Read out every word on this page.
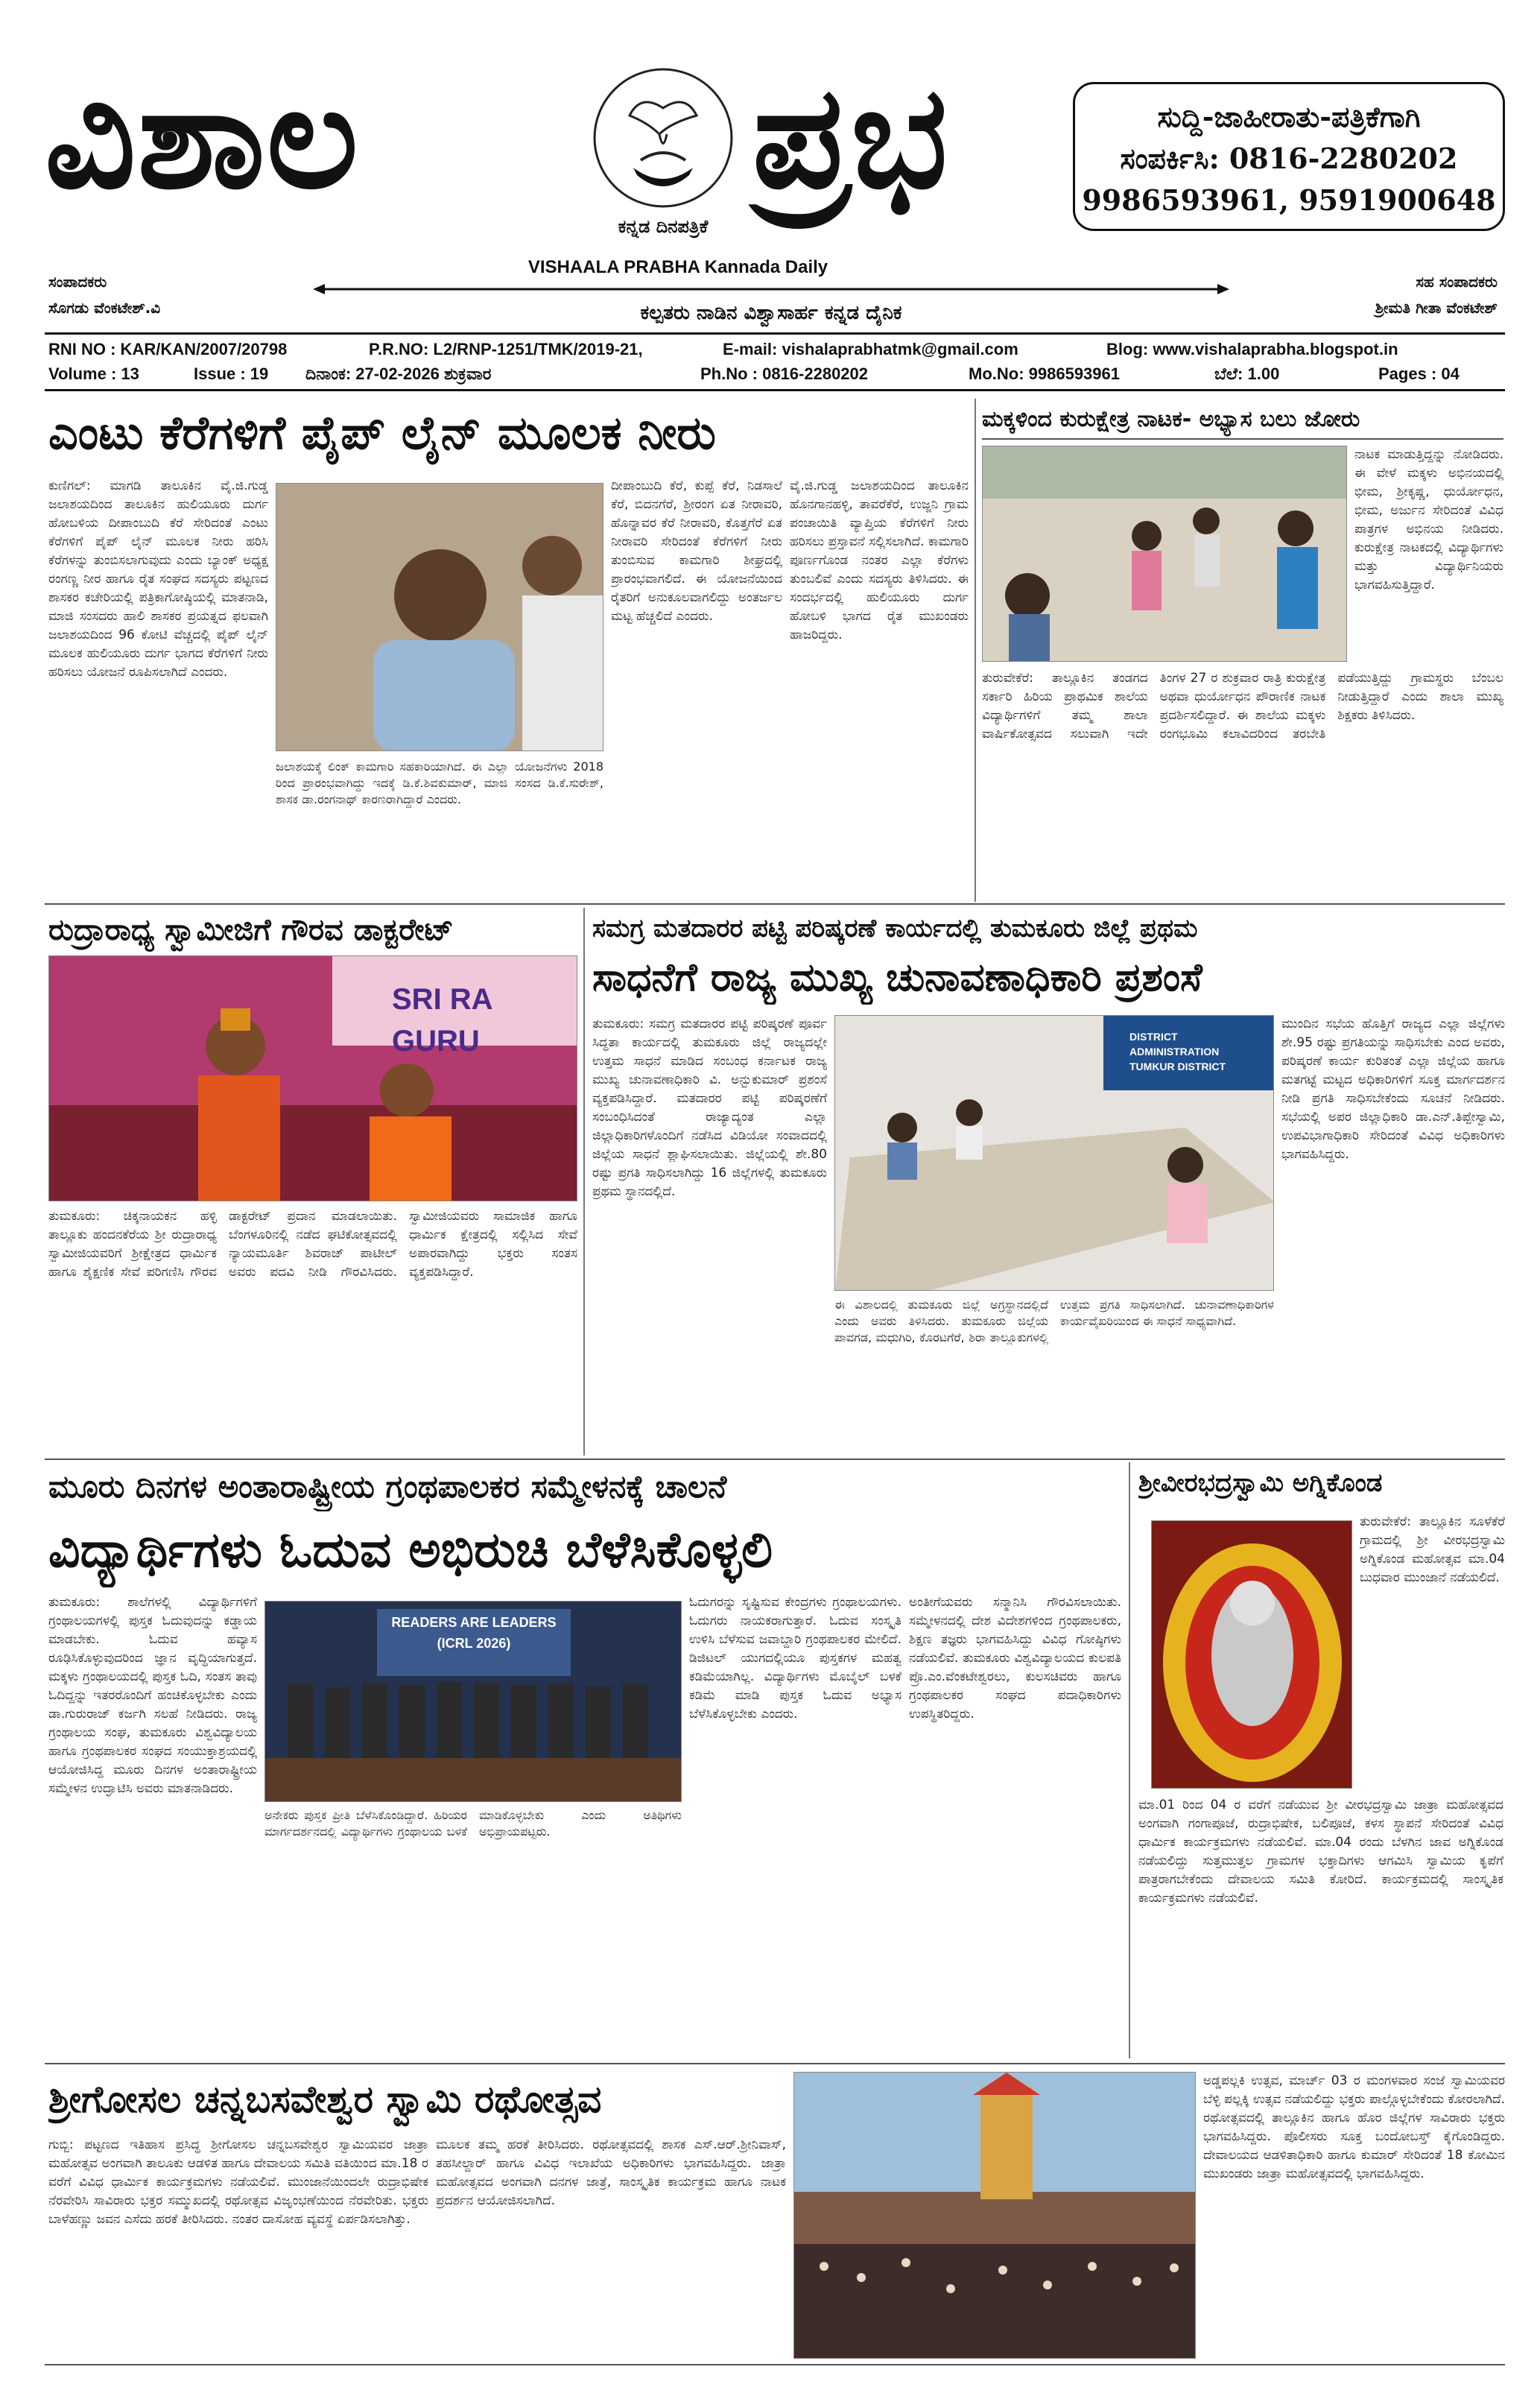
ವಿಶಾಲ	ಪ್ರಭ
ಕನ್ನಡ ದಿನಪತ್ರಿಕೆ
VISHAALA PRABHA Kannada Daily
ಸುದ್ದಿ-ಜಾಹೀರಾತು-ಪತ್ರಿಕೆಗಾಗಿ
ಸಂಪರ್ಕಿಸಿ: 0816-2280202
9986593961, 9591900648
ಸಂಪಾದಕರು
ಸೊಗಡು ವೆಂಕಟೇಶ್.ವಿ
ಸಹ ಸಂಪಾದಕರು
ಶ್ರೀಮತಿ ಗೀತಾ ವೆಂಕಟೇಶ್
ಕಲ್ಪತರು ನಾಡಿನ ವಿಶ್ವಾಸಾರ್ಹ ಕನ್ನಡ ದೈನಿಕ
RNI NO : KAR/KAN/2007/20798	P.R.NO: L2/RNP-1251/TMK/2019-21,	E-mail: vishalaprabhatmk@gmail.com	Blog: www.vishalaprabha.blogspot.in
Volume : 13	Issue : 19 ದಿನಾಂಕ: 27-02-2026 ಶುಕ್ರವಾರ	Ph.No : 0816-2280202	Mo.No: 9986593961	ಬೆಲೆ: 1.00	Pages : 04
ಎಂಟು ಕೆರೆಗಳಿಗೆ ಪೈಪ್ ಲೈನ್ ಮೂಲಕ ನೀರು
ಕುಣಿಗಲ್: ಮಾಗಡಿ ತಾಲೂಕಿನ ವೈ.ಜಿ.ಗುಡ್ಡ ಜಲಾಶಯದಿಂದ ತಾಲೂಕಿನ ಹುಲಿಯೂರು ದುರ್ಗ ಹೋಬಳಿಯ ದೀಪಾಂಬುದಿ ಕೆರೆ ಸೇರಿದಂತೆ ಎಂಟು ಕೆರೆಗಳಿಗೆ ಪೈಪ್ ಲೈನ್ ಮೂಲಕ ನೀರು ಹರಿಸಿ ಕೆರೆಗಳನ್ನು ತುಂಬಿಸಲಾಗುವುದು ಎಂದು ಬ್ಯಾಂಕ್ ಅಧ್ಯಕ್ಷ ರಂಗಣ್ಣ ನೀರ ಹಾಗೂ ರೈತ ಸಂಘದ ಸದಸ್ಯರು ಪಟ್ಟಣದ ಶಾಸಕರ ಕಚೇರಿಯಲ್ಲಿ ಪತ್ರಿಕಾಗೋಷ್ಠಿಯಲ್ಲಿ ಮಾತನಾಡಿ, ಮಾಜಿ ಸಂಸದರು ಹಾಲಿ ಶಾಸಕರ ಪ್ರಯತ್ನದ ಫಲವಾಗಿ ಜಲಾಶಯದಿಂದ 96 ಕೋಟಿ ವೆಚ್ಚದಲ್ಲಿ ಪೈಪ್ ಲೈನ್ ಮೂಲಕ ಹುಲಿಯೂರು ದುರ್ಗ ಭಾಗದ ಕೆರೆಗಳಿಗೆ ನೀರು ಹರಿಸಲು ಯೋಜನೆ ರೂಪಿಸಲಾಗಿದೆ ಎಂದರು.
ಜಲಾಶಯಕ್ಕೆ ಲಿಂಕ್ ಕಾಮಗಾರಿ ಸಹಕಾರಿಯಾಗಿದೆ. ಈ ಎಲ್ಲಾ ಯೋಜನೆಗಳು 2018 ರಿಂದ ಪ್ರಾರಂಭವಾಗಿದ್ದು ಇದಕ್ಕೆ ಡಿ.ಕೆ.ಶಿವಕುಮಾರ್, ಮಾಜಿ ಸಂಸದ ಡಿ.ಕೆ.ಸುರೇಶ್, ಶಾಸಕ ಡಾ.ರಂಗನಾಥ್ ಕಾರಣರಾಗಿದ್ದಾರೆ ಎಂದರು.
ದೀಪಾಂಬುದಿ ಕೆರೆ, ಕುಪ್ಪೆ ಕೆರೆ, ನಿಡಸಾಲೆ ಕೆರೆ, ಬಿದನಗೆರೆ, ಶ್ರೀರಂಗ ಏತ ನೀರಾವರಿ, ಹೊನ್ನಾವರ ಕೆರೆ ನೀರಾವರಿ, ಕೊತ್ತಗೆರೆ ಏತ ನೀರಾವರಿ ಸೇರಿದಂತೆ ಕೆರೆಗಳಿಗೆ ನೀರು ತುಂಬಿಸುವ ಕಾಮಗಾರಿ ಶೀಘ್ರದಲ್ಲಿ ಪ್ರಾರಂಭವಾಗಲಿದೆ. ಈ ಯೋಜನೆಯಿಂದ ರೈತರಿಗೆ ಅನುಕೂಲವಾಗಲಿದ್ದು ಅಂತರ್ಜಲ ಮಟ್ಟ ಹೆಚ್ಚಲಿದೆ ಎಂದರು.
ವೈ.ಜಿ.ಗುಡ್ಡ ಜಲಾಶಯದಿಂದ ತಾಲೂಕಿನ ಹೊನಗಾನಹಳ್ಳಿ, ತಾವರೆಕೆರೆ, ಉಜ್ಜನಿ ಗ್ರಾಮ ಪಂಚಾಯಿತಿ ವ್ಯಾಪ್ತಿಯ ಕೆರೆಗಳಿಗೆ ನೀರು ಹರಿಸಲು ಪ್ರಸ್ತಾವನೆ ಸಲ್ಲಿಸಲಾಗಿದೆ. ಕಾಮಗಾರಿ ಪೂರ್ಣಗೊಂಡ ನಂತರ ಎಲ್ಲಾ ಕೆರೆಗಳು ತುಂಬಲಿವೆ ಎಂದು ಸದಸ್ಯರು ತಿಳಿಸಿದರು. ಈ ಸಂದರ್ಭದಲ್ಲಿ ಹುಲಿಯೂರು ದುರ್ಗ ಹೋಬಳಿ ಭಾಗದ ರೈತ ಮುಖಂಡರು ಹಾಜರಿದ್ದರು.
ಮಕ್ಕಳಿಂದ ಕುರುಕ್ಷೇತ್ರ ನಾಟಕ- ಅಭ್ಯಾಸ ಬಲು ಜೋರು
ನಾಟಕ ಮಾಡುತ್ತಿದ್ದನ್ನು ನೋಡಿದರು. ಈ ವೇಳೆ ಮಕ್ಕಳು ಅಭಿನಯದಲ್ಲಿ ಭೀಮ, ಶ್ರೀಕೃಷ್ಣ, ಧುರ್ಯೋಧನ, ಭೀಮ, ಅರ್ಜುನ ಸೇರಿದಂತೆ ವಿವಿಧ ಪಾತ್ರಗಳ ಅಭಿನಯ ನೀಡಿದರು. ಕುರುಕ್ಷೇತ್ರ ನಾಟಕದಲ್ಲಿ ವಿದ್ಯಾರ್ಥಿಗಳು ಮತ್ತು ವಿದ್ಯಾರ್ಥಿನಿಯರು ಭಾಗವಹಿಸುತ್ತಿದ್ದಾರೆ.
ತುರುವೇಕೆರೆ: ತಾಲ್ಲೂಕಿನ ತಂಡಗದ ಸರ್ಕಾರಿ ಹಿರಿಯ ಪ್ರಾಥಮಿಕ ಶಾಲೆಯ ವಿದ್ಯಾರ್ಥಿಗಳಿಗೆ ತಮ್ಮ ಶಾಲಾ ವಾರ್ಷಿಕೋತ್ಸವದ ಸಲುವಾಗಿ ಇದೇ ತಿಂಗಳ 27 ರ ಶುಕ್ರವಾರ ರಾತ್ರಿ ಕುರುಕ್ಷೇತ್ರ ಅಥವಾ ಧುರ್ಯೋಧನ ಪೌರಾಣಿಕ ನಾಟಕ ಪ್ರದರ್ಶಿಸಲಿದ್ದಾರೆ. ಈ ಶಾಲೆಯ ಮಕ್ಕಳು ರಂಗಭೂಮಿ ಕಲಾವಿದರಿಂದ ತರಬೇತಿ ಪಡೆಯುತ್ತಿದ್ದು ಗ್ರಾಮಸ್ಥರು ಬೆಂಬಲ ನೀಡುತ್ತಿದ್ದಾರೆ ಎಂದು ಶಾಲಾ ಮುಖ್ಯ ಶಿಕ್ಷಕರು ತಿಳಿಸಿದರು.
ರುದ್ರಾರಾಧ್ಯ ಸ್ವಾಮೀಜಿಗೆ ಗೌರವ ಡಾಕ್ಟರೇಟ್
SRI RA GURU
ತುಮಕೂರು: ಚಿಕ್ಕನಾಯಕನ ಹಳ್ಳಿ ತಾಲ್ಲೂಕು ಹಂದನಕೆರೆಯ ಶ್ರೀ ರುದ್ರಾರಾಧ್ಯ ಸ್ವಾಮೀಜಿಯವರಿಗೆ ಶ್ರೀಕ್ಷೇತ್ರದ ಧಾರ್ಮಿಕ ಹಾಗೂ ಶೈಕ್ಷಣಿಕ ಸೇವೆ ಪರಿಗಣಿಸಿ ಗೌರವ ಡಾಕ್ಟರೇಟ್ ಪ್ರದಾನ ಮಾಡಲಾಯಿತು. ಬೆಂಗಳೂರಿನಲ್ಲಿ ನಡೆದ ಘಟಿಕೋತ್ಸವದಲ್ಲಿ ನ್ಯಾಯಮೂರ್ತಿ ಶಿವರಾಜ್ ಪಾಟೀಲ್ ಅವರು ಪದವಿ ನೀಡಿ ಗೌರವಿಸಿದರು. ಸ್ವಾಮೀಜಿಯವರು ಸಾಮಾಜಿಕ ಹಾಗೂ ಧಾರ್ಮಿಕ ಕ್ಷೇತ್ರದಲ್ಲಿ ಸಲ್ಲಿಸಿದ ಸೇವೆ ಅಪಾರವಾಗಿದ್ದು ಭಕ್ತರು ಸಂತಸ ವ್ಯಕ್ತಪಡಿಸಿದ್ದಾರೆ.
ಸಮಗ್ರ ಮತದಾರರ ಪಟ್ಟಿ ಪರಿಷ್ಕರಣೆ ಕಾರ್ಯದಲ್ಲಿ ತುಮಕೂರು ಜಿಲ್ಲೆ ಪ್ರಥಮ
ಸಾಧನೆಗೆ ರಾಜ್ಯ ಮುಖ್ಯ ಚುನಾವಣಾಧಿಕಾರಿ ಪ್ರಶಂಸೆ
ತುಮಕೂರು: ಸಮಗ್ರ ಮತದಾರರ ಪಟ್ಟಿ ಪರಿಷ್ಕರಣೆ ಪೂರ್ವ ಸಿದ್ಧತಾ ಕಾರ್ಯದಲ್ಲಿ ತುಮಕೂರು ಜಿಲ್ಲೆ ರಾಜ್ಯದಲ್ಲೇ ಉತ್ತಮ ಸಾಧನೆ ಮಾಡಿದ ಸಂಬಂಧ ಕರ್ನಾಟಕ ರಾಜ್ಯ ಮುಖ್ಯ ಚುನಾವಣಾಧಿಕಾರಿ ವಿ. ಅನ್ಬುಕುಮಾರ್ ಪ್ರಶಂಸೆ ವ್ಯಕ್ತಪಡಿಸಿದ್ದಾರೆ. ಮತದಾರರ ಪಟ್ಟಿ ಪರಿಷ್ಕರಣೆಗೆ ಸಂಬಂಧಿಸಿದಂತೆ ರಾಜ್ಯಾದ್ಯಂತ ಎಲ್ಲಾ ಜಿಲ್ಲಾಧಿಕಾರಿಗಳೊಂದಿಗೆ ನಡೆಸಿದ ವಿಡಿಯೋ ಸಂವಾದದಲ್ಲಿ ಜಿಲ್ಲೆಯ ಸಾಧನೆ ಶ್ಲಾಘಿಸಲಾಯಿತು. ಜಿಲ್ಲೆಯಲ್ಲಿ ಶೇ.80 ರಷ್ಟು ಪ್ರಗತಿ ಸಾಧಿಸಲಾಗಿದ್ದು 16 ಜಿಲ್ಲೆಗಳಲ್ಲಿ ತುಮಕೂರು ಪ್ರಥಮ ಸ್ಥಾನದಲ್ಲಿದೆ.
DISTRICT ADMINISTRATION TUMKUR DISTRICT
ಈ ವಿಶಾಲದಲ್ಲಿ ತುಮಕೂರು ಜಿಲ್ಲೆ ಅಗ್ರಸ್ಥಾನದಲ್ಲಿದೆ ಎಂದು ಅವರು ತಿಳಿಸಿದರು. ತುಮಕೂರು ಜಿಲ್ಲೆಯ ಪಾವಗಡ, ಮಧುಗಿರಿ, ಕೊರಟಗೆರೆ, ಶಿರಾ ತಾಲ್ಲೂಕುಗಳಲ್ಲಿ ಉತ್ತಮ ಪ್ರಗತಿ ಸಾಧಿಸಲಾಗಿದೆ. ಚುನಾವಣಾಧಿಕಾರಿಗಳ ಕಾರ್ಯವೈಖರಿಯಿಂದ ಈ ಸಾಧನೆ ಸಾಧ್ಯವಾಗಿದೆ.
ಮುಂದಿನ ಸಭೆಯ ಹೊತ್ತಿಗೆ ರಾಜ್ಯದ ಎಲ್ಲಾ ಜಿಲ್ಲೆಗಳು ಶೇ.95 ರಷ್ಟು ಪ್ರಗತಿಯನ್ನು ಸಾಧಿಸಬೇಕು ಎಂದ ಅವರು, ಪರಿಷ್ಕರಣೆ ಕಾರ್ಯ ಕುರಿತಂತೆ ಎಲ್ಲಾ ಜಿಲ್ಲೆಯ ಹಾಗೂ ಮತಗಟ್ಟೆ ಮಟ್ಟದ ಅಧಿಕಾರಿಗಳಿಗೆ ಸೂಕ್ತ ಮಾರ್ಗದರ್ಶನ ನೀಡಿ ಪ್ರಗತಿ ಸಾಧಿಸಬೇಕೆಂದು ಸೂಚನೆ ನೀಡಿದರು. ಸಭೆಯಲ್ಲಿ ಅಪರ ಜಿಲ್ಲಾಧಿಕಾರಿ ಡಾ.ಎನ್.ತಿಪ್ಪೇಸ್ವಾಮಿ, ಉಪವಿಭಾಗಾಧಿಕಾರಿ ಸೇರಿದಂತೆ ವಿವಿಧ ಅಧಿಕಾರಿಗಳು ಭಾಗವಹಿಸಿದ್ದರು.
ಮೂರು ದಿನಗಳ ಅಂತಾರಾಷ್ಟ್ರೀಯ ಗ್ರಂಥಪಾಲಕರ ಸಮ್ಮೇಳನಕ್ಕೆ ಚಾಲನೆ
ವಿದ್ಯಾರ್ಥಿಗಳು ಓದುವ ಅಭಿರುಚಿ ಬೆಳೆಸಿಕೊಳ್ಳಲಿ
ತುಮಕೂರು: ಶಾಲೆಗಳಲ್ಲಿ ವಿದ್ಯಾರ್ಥಿಗಳಿಗೆ ಗ್ರಂಥಾಲಯಗಳಲ್ಲಿ ಪುಸ್ತಕ ಓದುವುದನ್ನು ಕಡ್ಡಾಯ ಮಾಡಬೇಕು. ಓದುವ ಹವ್ಯಾಸ ರೂಢಿಸಿಕೊಳ್ಳುವುದರಿಂದ ಜ್ಞಾನ ವೃದ್ಧಿಯಾಗುತ್ತದೆ. ಮಕ್ಕಳು ಗ್ರಂಥಾಲಯದಲ್ಲಿ ಪುಸ್ತಕ ಓದಿ, ಸಂತಸ ತಾವು ಓದಿದ್ದನ್ನು ಇತರರೊಂದಿಗೆ ಹಂಚಿಕೊಳ್ಳಬೇಕು ಎಂದು ಡಾ.ಗುರುರಾಜ್ ಕರ್ಜಗಿ ಸಲಹೆ ನೀಡಿದರು. ರಾಜ್ಯ ಗ್ರಂಥಾಲಯ ಸಂಘ, ತುಮಕೂರು ವಿಶ್ವವಿದ್ಯಾಲಯ ಹಾಗೂ ಗ್ರಂಥಪಾಲಕರ ಸಂಘದ ಸಂಯುಕ್ತಾಶ್ರಯದಲ್ಲಿ ಆಯೋಜಿಸಿದ್ದ ಮೂರು ದಿನಗಳ ಅಂತಾರಾಷ್ಟ್ರೀಯ ಸಮ್ಮೇಳನ ಉದ್ಘಾಟಿಸಿ ಅವರು ಮಾತನಾಡಿದರು.
READERS ARE LEADERS (ICRL 2026)
ಅನೇಕರು ಪುಸ್ತಕ ಪ್ರೀತಿ ಬೆಳೆಸಿಕೊಂಡಿದ್ದಾರೆ. ಹಿರಿಯರ ಮಾರ್ಗದರ್ಶನದಲ್ಲಿ ವಿದ್ಯಾರ್ಥಿಗಳು ಗ್ರಂಥಾಲಯ ಬಳಕೆ ಮಾಡಿಕೊಳ್ಳಬೇಕು ಎಂದು ಅತಿಥಿಗಳು ಅಭಿಪ್ರಾಯಪಟ್ಟರು.
ಓದುಗರನ್ನು ಸೃಷ್ಟಿಸುವ ಕೇಂದ್ರಗಳು ಗ್ರಂಥಾಲಯಗಳು. ಓದುಗರು ನಾಯಕರಾಗುತ್ತಾರೆ. ಓದುವ ಸಂಸ್ಕೃತಿ ಉಳಿಸಿ ಬೆಳೆಸುವ ಜವಾಬ್ದಾರಿ ಗ್ರಂಥಪಾಲಕರ ಮೇಲಿದೆ. ಡಿಜಿಟಲ್ ಯುಗದಲ್ಲಿಯೂ ಪುಸ್ತಕಗಳ ಮಹತ್ವ ಕಡಿಮೆಯಾಗಿಲ್ಲ. ವಿದ್ಯಾರ್ಥಿಗಳು ಮೊಬೈಲ್ ಬಳಕೆ ಕಡಿಮೆ ಮಾಡಿ ಪುಸ್ತಕ ಓದುವ ಅಭ್ಯಾಸ ಬೆಳೆಸಿಕೊಳ್ಳಬೇಕು ಎಂದರು.
ಅಂತೀಗೆಯವರು ಸನ್ಮಾನಿಸಿ ಗೌರವಿಸಲಾಯಿತು. ಸಮ್ಮೇಳನದಲ್ಲಿ ದೇಶ ವಿದೇಶಗಳಿಂದ ಗ್ರಂಥಪಾಲಕರು, ಶಿಕ್ಷಣ ತಜ್ಞರು ಭಾಗವಹಿಸಿದ್ದು ವಿವಿಧ ಗೋಷ್ಠಿಗಳು ನಡೆಯಲಿವೆ. ತುಮಕೂರು ವಿಶ್ವವಿದ್ಯಾಲಯದ ಕುಲಪತಿ ಪ್ರೊ.ಎಂ.ವೆಂಕಟೇಶ್ವರಲು, ಕುಲಸಚಿವರು ಹಾಗೂ ಗ್ರಂಥಪಾಲಕರ ಸಂಘದ ಪದಾಧಿಕಾರಿಗಳು ಉಪಸ್ಥಿತರಿದ್ದರು.
ಶ್ರೀವೀರಭದ್ರಸ್ವಾಮಿ ಅಗ್ನಿಕೊಂಡ
ತುರುವೇಕೆರೆ: ತಾಲ್ಲೂಕಿನ ಸೂಳೆಕೆರೆ ಗ್ರಾಮದಲ್ಲಿ ಶ್ರೀ ವೀರಭದ್ರಸ್ವಾಮಿ ಅಗ್ನಿಕೊಂಡ ಮಹೋತ್ಸವ ಮಾ.04 ಬುಧವಾರ ಮುಂಜಾನೆ ನಡೆಯಲಿದೆ.
ಮಾ.01 ರಿಂದ 04 ರ ವರೆಗೆ ನಡೆಯುವ ಶ್ರೀ ವೀರಭದ್ರಸ್ವಾಮಿ ಜಾತ್ರಾ ಮಹೋತ್ಸವದ ಅಂಗವಾಗಿ ಗಂಗಾಪೂಜೆ, ರುದ್ರಾಭಿಷೇಕ, ಬಲಿಪೂಜೆ, ಕಳಸ ಸ್ಥಾಪನೆ ಸೇರಿದಂತೆ ವಿವಿಧ ಧಾರ್ಮಿಕ ಕಾರ್ಯಕ್ರಮಗಳು ನಡೆಯಲಿವೆ. ಮಾ.04 ರಂದು ಬೆಳಗಿನ ಜಾವ ಅಗ್ನಿಕೊಂಡ ನಡೆಯಲಿದ್ದು ಸುತ್ತಮುತ್ತಲ ಗ್ರಾಮಗಳ ಭಕ್ತಾದಿಗಳು ಆಗಮಿಸಿ ಸ್ವಾಮಿಯ ಕೃಪೆಗೆ ಪಾತ್ರರಾಗಬೇಕೆಂದು ದೇವಾಲಯ ಸಮಿತಿ ಕೋರಿದೆ. ಕಾರ್ಯಕ್ರಮದಲ್ಲಿ ಸಾಂಸ್ಕೃತಿಕ ಕಾರ್ಯಕ್ರಮಗಳು ನಡೆಯಲಿವೆ.
ಶ್ರೀಗೋಸಲ ಚನ್ನಬಸವೇಶ್ವರ ಸ್ವಾಮಿ ರಥೋತ್ಸವ
ಗುಬ್ಬಿ: ಪಟ್ಟಣದ ಇತಿಹಾಸ ಪ್ರಸಿದ್ಧ ಶ್ರೀಗೋಸಲ ಚನ್ನಬಸವೇಶ್ವರ ಸ್ವಾಮಿಯವರ ಜಾತ್ರಾ ಮಹೋತ್ಸವ ಅಂಗವಾಗಿ ತಾಲೂಕು ಆಡಳಿತ ಹಾಗೂ ದೇವಾಲಯ ಸಮಿತಿ ವತಿಯಿಂದ ಮಾ.18 ರ ವರೆಗೆ ವಿವಿಧ ಧಾರ್ಮಿಕ ಕಾರ್ಯಕ್ರಮಗಳು ನಡೆಯಲಿವೆ. ಮುಂಜಾನೆಯಿಂದಲೇ ರುದ್ರಾಭಿಷೇಕ ನೆರವೇರಿಸಿ ಸಾವಿರಾರು ಭಕ್ತರ ಸಮ್ಮುಖದಲ್ಲಿ ರಥೋತ್ಸವ ವಿಜೃಂಭಣೆಯಿಂದ ನೆರವೇರಿತು. ಭಕ್ತರು ಬಾಳೆಹಣ್ಣು ಜವನ ಎಸೆದು ಹರಕೆ ತೀರಿಸಿದರು. ನಂತರ ದಾಸೋಹ ವ್ಯವಸ್ಥೆ ಏರ್ಪಡಿಸಲಾಗಿತ್ತು.
ಮೂಲಕ ತಮ್ಮ ಹರಕೆ ತೀರಿಸಿದರು. ರಥೋತ್ಸವದಲ್ಲಿ ಶಾಸಕ ಎಸ್.ಆರ್.ಶ್ರೀನಿವಾಸ್, ತಹಸೀಲ್ದಾರ್ ಹಾಗೂ ವಿವಿಧ ಇಲಾಖೆಯ ಅಧಿಕಾರಿಗಳು ಭಾಗವಹಿಸಿದ್ದರು. ಜಾತ್ರಾ ಮಹೋತ್ಸವದ ಅಂಗವಾಗಿ ದನಗಳ ಜಾತ್ರೆ, ಸಾಂಸ್ಕೃತಿಕ ಕಾರ್ಯಕ್ರಮ ಹಾಗೂ ನಾಟಕ ಪ್ರದರ್ಶನ ಆಯೋಜಿಸಲಾಗಿದೆ.
ಅಡ್ಡಪಲ್ಲಕಿ ಉತ್ಸವ, ಮಾರ್ಚ್ 03 ರ ಮಂಗಳವಾರ ಸಂಜೆ ಸ್ವಾಮಿಯವರ ಬೆಳ್ಳಿ ಪಲ್ಲಕ್ಕಿ ಉತ್ಸವ ನಡೆಯಲಿದ್ದು ಭಕ್ತರು ಪಾಲ್ಗೊಳ್ಳಬೇಕೆಂದು ಕೋರಲಾಗಿದೆ. ರಥೋತ್ಸವದಲ್ಲಿ ತಾಲ್ಲೂಕಿನ ಹಾಗೂ ಹೊರ ಜಿಲ್ಲೆಗಳ ಸಾವಿರಾರು ಭಕ್ತರು ಭಾಗವಹಿಸಿದ್ದರು. ಪೊಲೀಸರು ಸೂಕ್ತ ಬಂದೋಬಸ್ತ್ ಕೈಗೊಂಡಿದ್ದರು. ದೇವಾಲಯದ ಆಡಳಿತಾಧಿಕಾರಿ ಹಾಗೂ ಕುಮಾರ್ ಸೇರಿದಂತೆ 18 ಕೋಮಿನ ಮುಖಂಡರು ಜಾತ್ರಾ ಮಹೋತ್ಸವದಲ್ಲಿ ಭಾಗವಹಿಸಿದ್ದರು.
